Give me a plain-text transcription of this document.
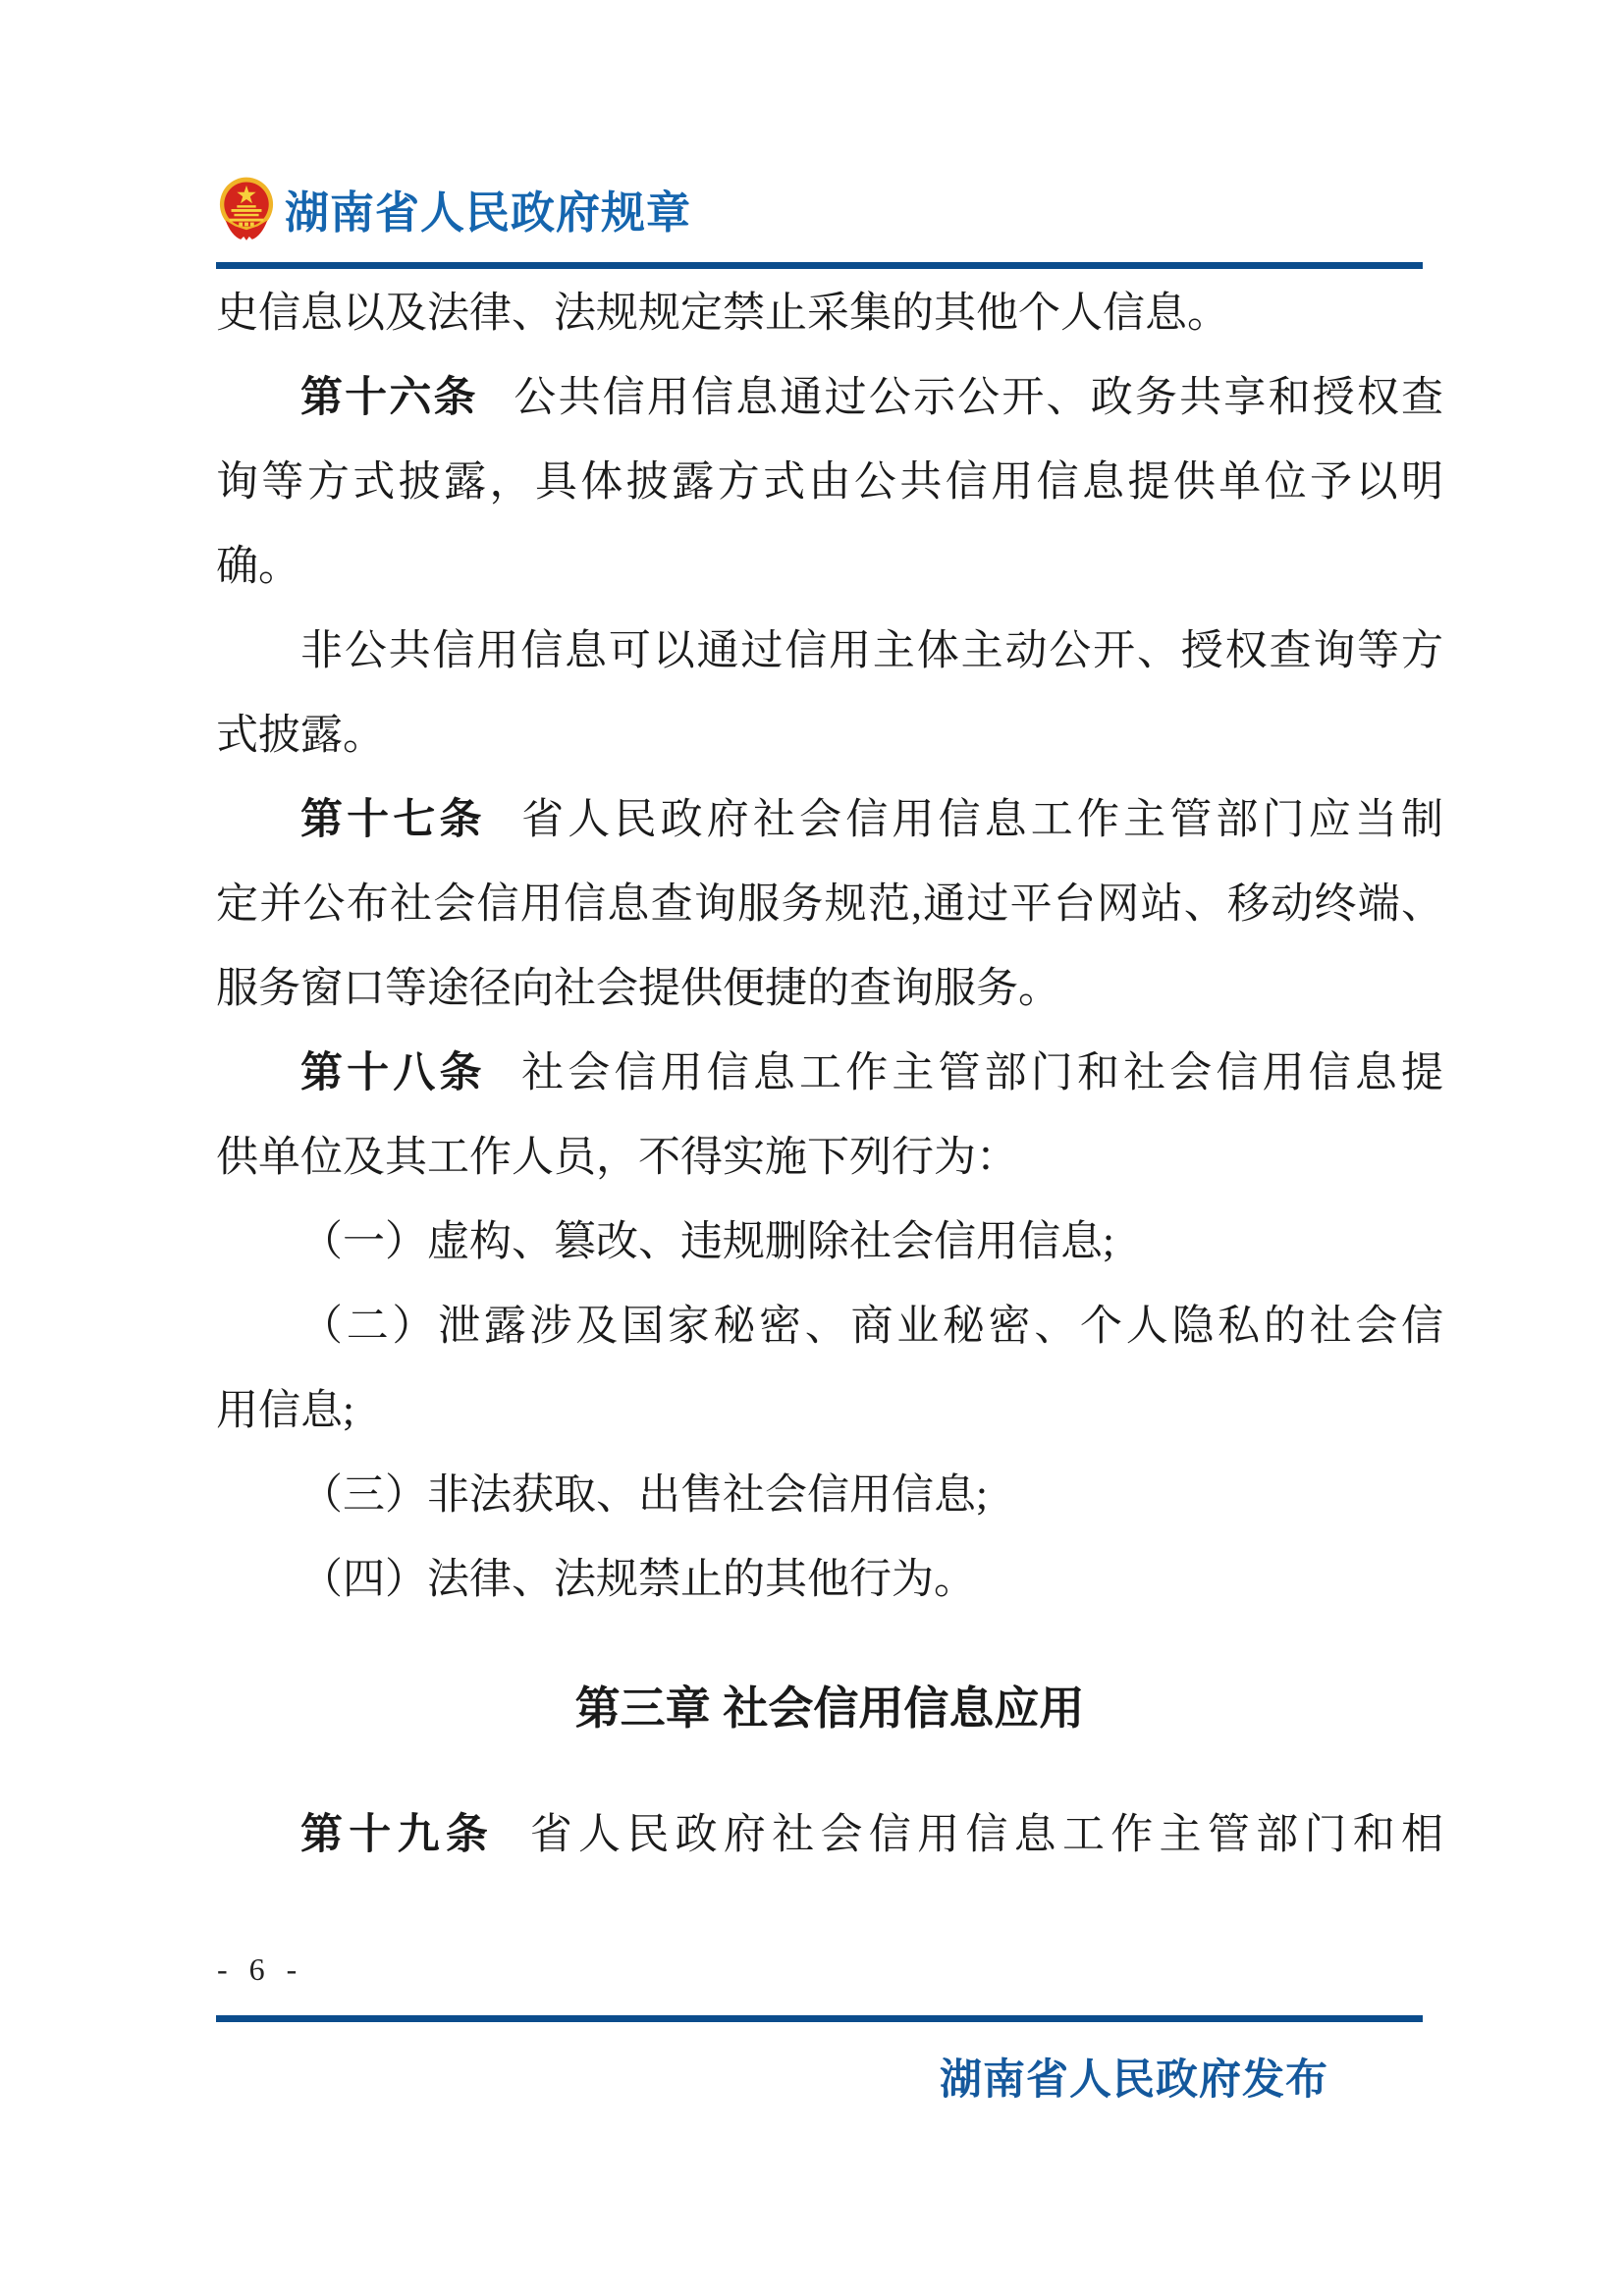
湖南省人民政府规章
史信息以及法律、法规规定禁止采集的其他个人信息。
第十六条 公共信用信息通过公示公开、政务共享和授权查
询等方式披露，具体披露方式由公共信用信息提供单位予以明
确。
非公共信用信息可以通过信用主体主动公开、授权查询等方
式披露。
第十七条 省人民政府社会信用信息工作主管部门应当制
定并公布社会信用信息查询服务规范,通过平台网站、移动终端、
服务窗口等途径向社会提供便捷的查询服务。
第十八条 社会信用信息工作主管部门和社会信用信息提
供单位及其工作人员，不得实施下列行为：
（一）虚构、篡改、违规删除社会信用信息;
（二）泄露涉及国家秘密、商业秘密、个人隐私的社会信
用信息;
（三）非法获取、出售社会信用信息;
（四）法律、法规禁止的其他行为。
第三章 社会信用信息应用
第十九条 省人民政府社会信用信息工作主管部门和相
- 6 -
湖南省人民政府发布
